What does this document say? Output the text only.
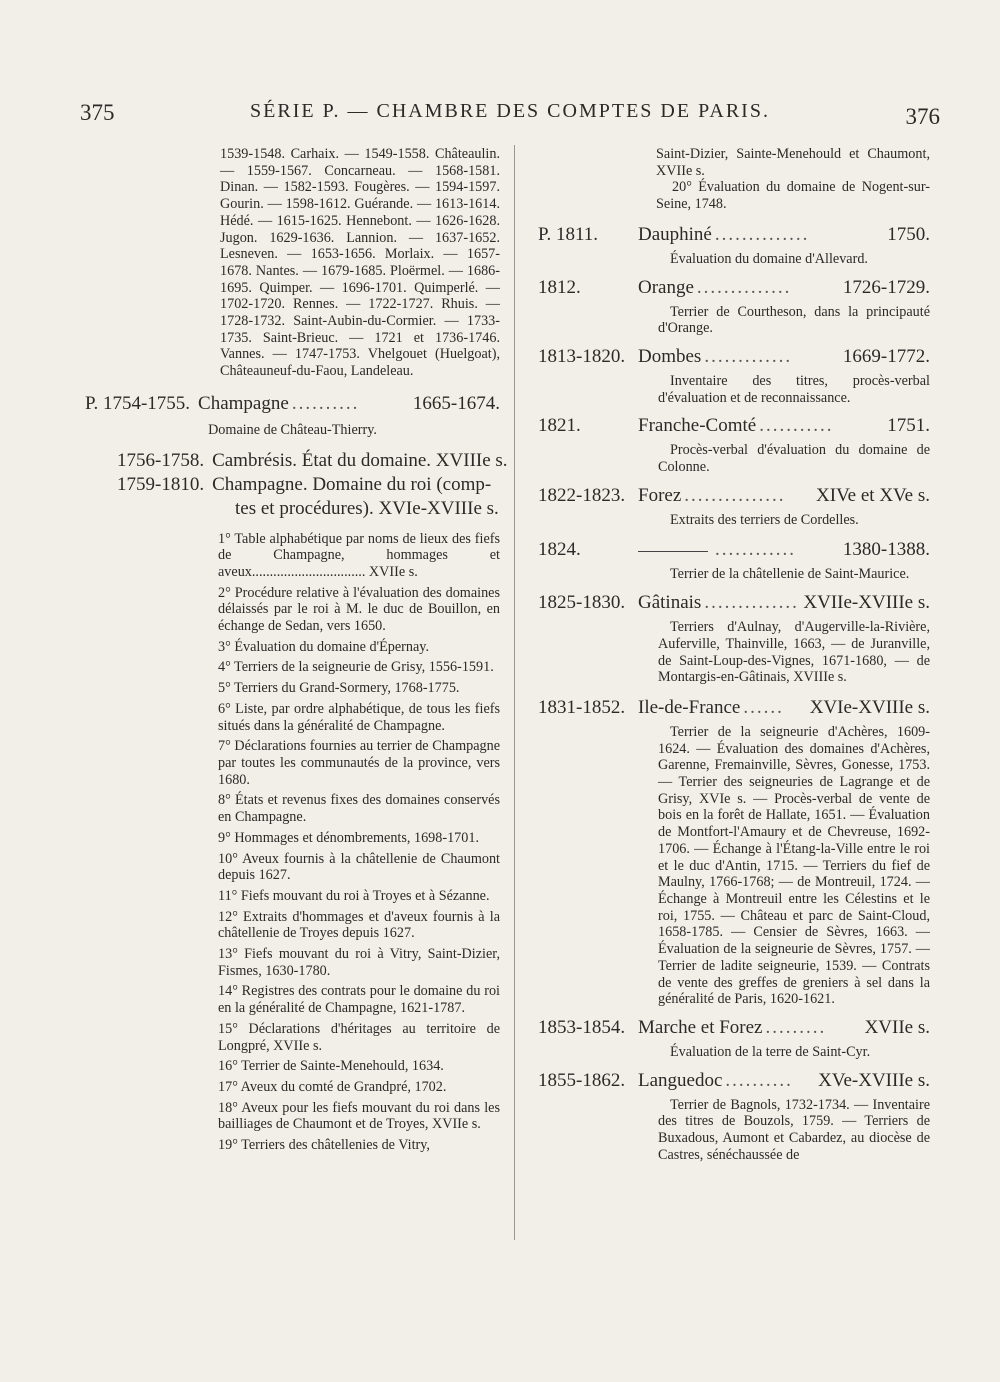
375	SÉRIE P. — CHAMBRE DES COMPTES DE PARIS.	376

1539-1548. Carhaix. — 1549-1558. Châteaulin. — 1559-1567. Concarneau. — 1568-1581. Dinan. — 1582-1593. Fougères. — 1594-1597. Gourin. — 1598-1612. Guérande. — 1613-1614. Hédé. — 1615-1625. Hennebont. — 1626-1628. Jugon. 1629-1636. Lannion. — 1637-1652. Lesneven. — 1653-1656. Morlaix. — 1657-1678. Nantes. — 1679-1685. Ploërmel. — 1686-1695. Quimper. — 1696-1701. Quimperlé. — 1702-1720. Rennes. — 1722-1727. Rhuis. — 1728-1732. Saint-Aubin-du-Cormier. — 1733-1735. Saint-Brieuc. — 1721 et 1736-1746. Vannes. — 1747-1753. Vhelgouet (Huelgoat), Châteauneuf-du-Faou, Landeleau.

P. 1754-1755. Champagne ..........	1665-1674.

Domaine de Château-Thierry.

1756-1758. Cambrésis. État du domaine. XVIIIe s.
1759-1810. Champagne. Domaine du roi (comp-
tes et procédures). XVIe-XVIIIe s.

1° Table alphabétique par noms de lieux des fiefs de Champagne, hommages et aveux................................ XVIIe s.

2° Procédure relative à l'évaluation des domaines délaissés par le roi à M. le duc de Bouillon, en échange de Sedan, vers 1650.

3° Évaluation du domaine d'Épernay.

4° Terriers de la seigneurie de Grisy, 1556-1591.

5° Terriers du Grand-Sormery, 1768-1775.

6° Liste, par ordre alphabétique, de tous les fiefs situés dans la généralité de Champagne.

7° Déclarations fournies au terrier de Champagne par toutes les communautés de la province, vers 1680.

8° États et revenus fixes des domaines conservés en Champagne.

9° Hommages et dénombrements, 1698-1701.

10° Aveux fournis à la châtellenie de Chaumont depuis 1627.

11° Fiefs mouvant du roi à Troyes et à Sézanne.

12° Extraits d'hommages et d'aveux fournis à la châtellenie de Troyes depuis 1627.

13° Fiefs mouvant du roi à Vitry, Saint-Dizier, Fismes, 1630-1780.

14° Registres des contrats pour le domaine du roi en la généralité de Champagne, 1621-1787.

15° Déclarations d'héritages au territoire de Longpré, XVIIe s.

16° Terrier de Sainte-Menehould, 1634.

17° Aveux du comté de Grandpré, 1702.

18° Aveux pour les fiefs mouvant du roi dans les bailliages de Chaumont et de Troyes, XVIIe s.

19° Terriers des châtellenies de Vitry,

Saint-Dizier, Sainte-Menehould et Chaumont, XVIIe s.

20° Évaluation du domaine de Nogent-sur-Seine, 1748.

P. 1811.	Dauphiné ..............	1750.

Évaluation du domaine d'Allevard.

1812.	Orange ..............	1726-1729.

Terrier de Courtheson, dans la principauté d'Orange.

1813-1820. Dombes .............	1669-1772.

Inventaire des titres, procès-verbal d'évaluation et de reconnaissance.

1821.	Franche-Comté ...........	1751.

Procès-verbal d'évaluation du domaine de Colonne.

1822-1823. Forez ...............	XIVe et XVe s.

Extraits des terriers de Cordelles.

1824.	............	1380-1388.

Terrier de la châtellenie de Saint-Maurice.

1825-1830. Gâtinais .............. XVIIe-XVIIIe s.

Terriers d'Aulnay, d'Augerville-la-Rivière, Auferville, Thainville, 1663, — de Juranville, de Saint-Loup-des-Vignes, 1671-1680, — de Montargis-en-Gâtinais, XVIIIe s.

1831-1852. Ile-de-France ......	XVIe-XVIIIe s.

Terrier de la seigneurie d'Achères, 1609-1624. — Évaluation des domaines d'Achères, Garenne, Fremainville, Sèvres, Gonesse, 1753. — Terrier des seigneuries de Lagrange et de Grisy, XVIe s. — Procès-verbal de vente de bois en la forêt de Hallate, 1651. — Évaluation de Montfort-l'Amaury et de Chevreuse, 1692-1706. — Échange à l'Étang-la-Ville entre le roi et le duc d'Antin, 1715. — Terriers du fief de Maulny, 1766-1768; — de Montreuil, 1724. — Échange à Montreuil entre les Célestins et le roi, 1755. — Château et parc de Saint-Cloud, 1658-1785. — Censier de Sèvres, 1663. — Évaluation de la seigneurie de Sèvres, 1757. — Terrier de ladite seigneurie, 1539. — Contrats de vente des greffes de greniers à sel dans la généralité de Paris, 1620-1621.

1853-1854. Marche et Forez .........	XVIIe s.

Évaluation de la terre de Saint-Cyr.

1855-1862. Languedoc ..........	XVe-XVIIIe s.

Terrier de Bagnols, 1732-1734. — Inventaire des titres de Bouzols, 1759. — Terriers de Buxadous, Aumont et Cabardez, au diocèse de Castres, sénéchaussée de
